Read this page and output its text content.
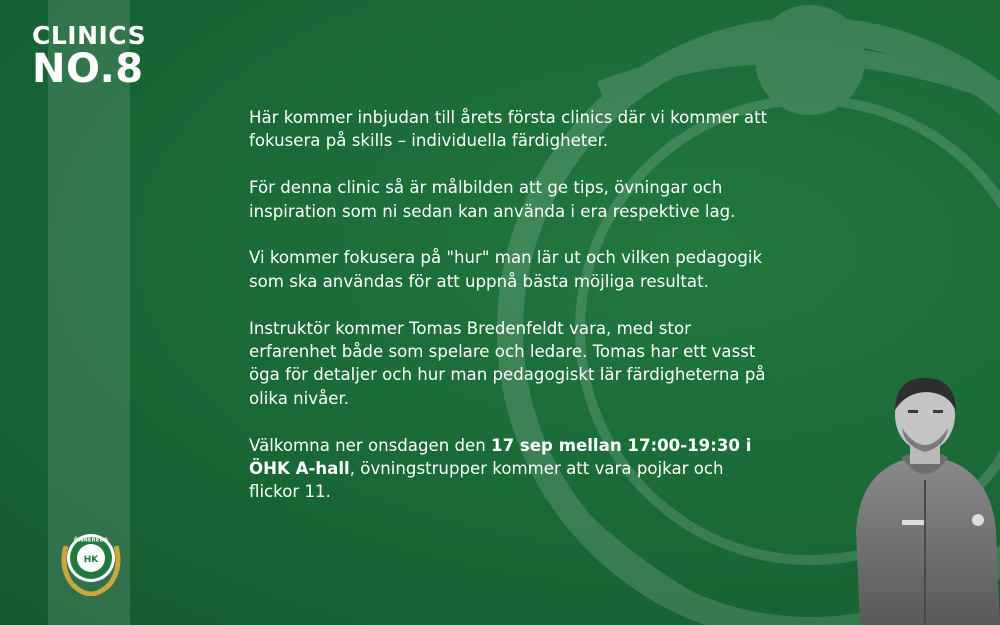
CLINICS
NO.8

Här kommer inbjudan till årets första clinics där vi kommer att fokusera på skills – individuella färdigheter.

För denna clinic så är målbilden att ge tips, övningar och inspiration som ni sedan kan använda i era respektive lag.

Vi kommer fokusera på "hur" man lär ut och vilken pedagogik som ska användas för att uppnå bästa möjliga resultat.

Instruktör kommer Tomas Bredenfeldt vara, med stor erfarenhet både som spelare och ledare. Tomas har ett vasst öga för detaljer och hur man pedagogiskt lär färdigheterna på olika nivåer.

Välkomna ner onsdagen den 17 sep mellan 17:00-19:30 i ÖHK A-hall, övningstrupper kommer att vara pojkar och flickor 11.

ÖNNEREDS
HK
1965
